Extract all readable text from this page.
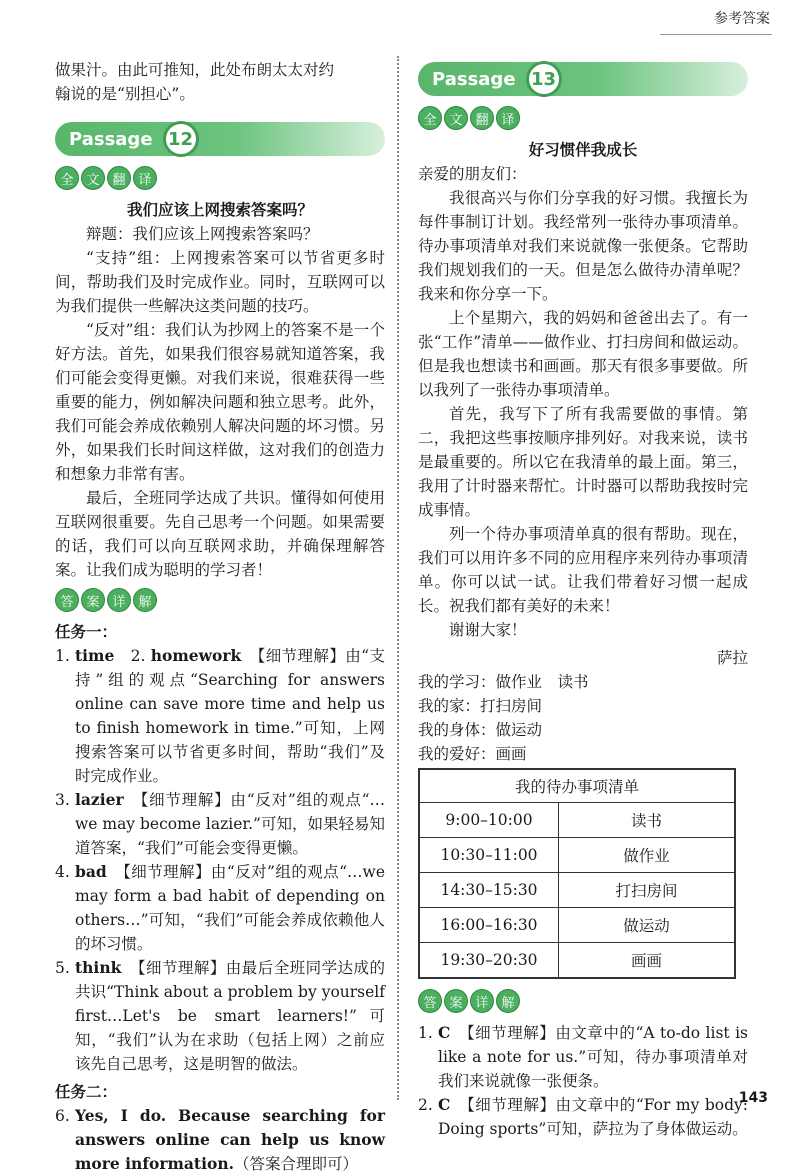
参考答案

做果汁。由此可推知，此处布朗太太对约

翰说的是“别担心”。

Passage 12
全 文 翻 译
我们应该上网搜索答案吗？

辩题：我们应该上网搜索答案吗？

“支持”组：上网搜索答案可以节省更多时间，帮助我们及时完成作业。同时，互联网可以为我们提供一些解决这类问题的技巧。

“反对”组：我们认为抄网上的答案不是一个好方法。首先，如果我们很容易就知道答案，我们可能会变得更懒。对我们来说，很难获得一些重要的能力，例如解决问题和独立思考。此外，我们可能会养成依赖别人解决问题的坏习惯。另外，如果我们长时间这样做，这对我们的创造力和想象力非常有害。

最后，全班同学达成了共识。懂得如何使用互联网很重要。先自己思考一个问题。如果需要的话，我们可以向互联网求助，并确保理解答案。让我们成为聪明的学习者！

答 案 详 解
任务一：
1. time　2. homework　【细节理解】由“支持”组的观点“Searching for answers online can save more time and help us to finish homework in time.”可知，上网搜索答案可以节省更多时间，帮助“我们”及时完成作业。
3. lazier　【细节理解】由“反对”组的观点“…we may become lazier.”可知，如果轻易知道答案，“我们”可能会变得更懒。
4. bad　【细节理解】由“反对”组的观点“…we may form a bad habit of depending on others…”可知，“我们”可能会养成依赖他人的坏习惯。
5. think　【细节理解】由最后全班同学达成的共识“Think about a problem by yourself first…Let's be smart learners!”可知，“我们”认为在求助（包括上网）之前应该先自己思考，这是明智的做法。
任务二：
6. Yes, I do. Because searching for answers online can help us know more information.（答案合理即可）
Passage 13
全 文 翻 译
好习惯伴我成长

亲爱的朋友们：

我很高兴与你们分享我的好习惯。我擅长为每件事制订计划。我经常列一张待办事项清单。待办事项清单对我们来说就像一张便条。它帮助我们规划我们的一天。但是怎么做待办清单呢？我来和你分享一下。

上个星期六，我的妈妈和爸爸出去了。有一张“工作”清单——做作业、打扫房间和做运动。但是我也想读书和画画。那天有很多事要做。所以我列了一张待办事项清单。

首先，我写下了所有我需要做的事情。第二，我把这些事按顺序排列好。对我来说，读书是最重要的。所以它在我清单的最上面。第三，我用了计时器来帮忙。计时器可以帮助我按时完成事情。

列一个待办事项清单真的很有帮助。现在，我们可以用许多不同的应用程序来列待办事项清单。你可以试一试。让我们带着好习惯一起成长。祝我们都有美好的未来！

谢谢大家！

萨拉
我的学习：做作业　读书
我的家：打扫房间
我的身体：做运动
我的爱好：画画
我的待办事项清单	
9:00–10:00	读书
10:30–11:00	做作业
14:30–15:30	打扫房间
16:00–16:30	做运动
19:30–20:30	画画
答 案 详 解
1. C　【细节理解】由文章中的“A to-do list is like a note for us.”可知，待办事项清单对我们来说就像一张便条。
2. C　【细节理解】由文章中的“For my body: Doing sports”可知，萨拉为了身体做运动。
143
